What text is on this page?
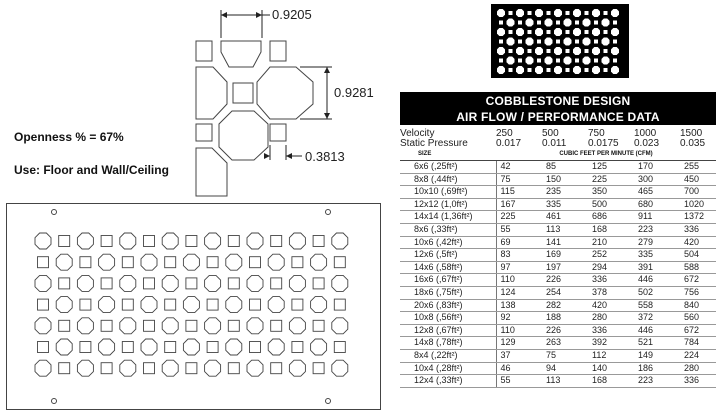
0.9205
0.9281
0.3813
Openness % = 67%
Use: Floor and Wall/Ceiling
COBBLESTONE DESIGN
AIR FLOW / PERFORMANCE DATA
Velocity	250	500	750	1000	1500
Static Pressure	0.017	0.011	0.0175	0.023	0.035
SIZE	CUBIC FEET PER MINUTE (CFM)				
6x6 (,25ft²)	42	85	125	170	255
8x8 (,44ft²)	75	150	225	300	450
10x10 (,69ft²)	115	235	350	465	700
12x12 (1,0ft²)	167	335	500	680	1020
14x14 (1,36ft²)	225	461	686	911	1372
8x6 (,33ft²)	55	113	168	223	336
10x6 (,42ft²)	69	141	210	279	420
12x6 (,5ft²)	83	169	252	335	504
14x6 (,58ft²)	97	197	294	391	588
16x6 (,67ft²)	110	226	336	446	672
18x6 (,75ft²)	124	254	378	502	756
20x6 (,83ft²)	138	282	420	558	840
10x8 (,56ft²)	92	188	280	372	560
12x8 (,67ft²)	110	226	336	446	672
14x8 (,78ft²)	129	263	392	521	784
8x4 (,22ft²)	37	75	112	149	224
10x4 (,28ft²)	46	94	140	186	280
12x4 (,33ft²)	55	113	168	223	336
